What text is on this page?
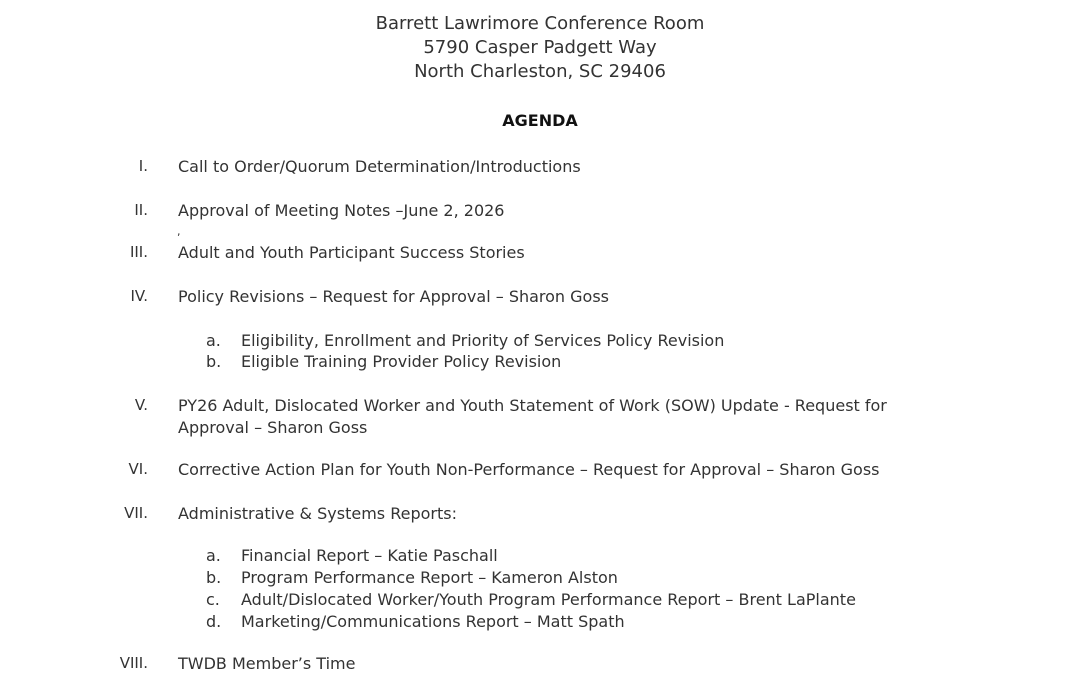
Barrett Lawrimore Conference Room
5790 Casper Padgett Way
North Charleston, SC 29406
AGENDA
I. Call to Order/Quorum Determination/Introductions
II. Approval of Meeting Notes –June 2, 2026
,
III. Adult and Youth Participant Success Stories
IV. Policy Revisions – Request for Approval – Sharon Goss
a.	Eligibility, Enrollment and Priority of Services Policy Revision
b.	Eligible Training Provider Policy Revision
V. PY26 Adult, Dislocated Worker and Youth Statement of Work (SOW) Update - Request for
Approval – Sharon Goss
VI. Corrective Action Plan for Youth Non-Performance – Request for Approval – Sharon Goss
VII. Administrative & Systems Reports:
a.	Financial Report – Katie Paschall
b.	Program Performance Report – Kameron Alston
c.	Adult/Dislocated Worker/Youth Program Performance Report – Brent LaPlante
d.	Marketing/Communications Report – Matt Spath
VIII. TWDB Member’s Time
